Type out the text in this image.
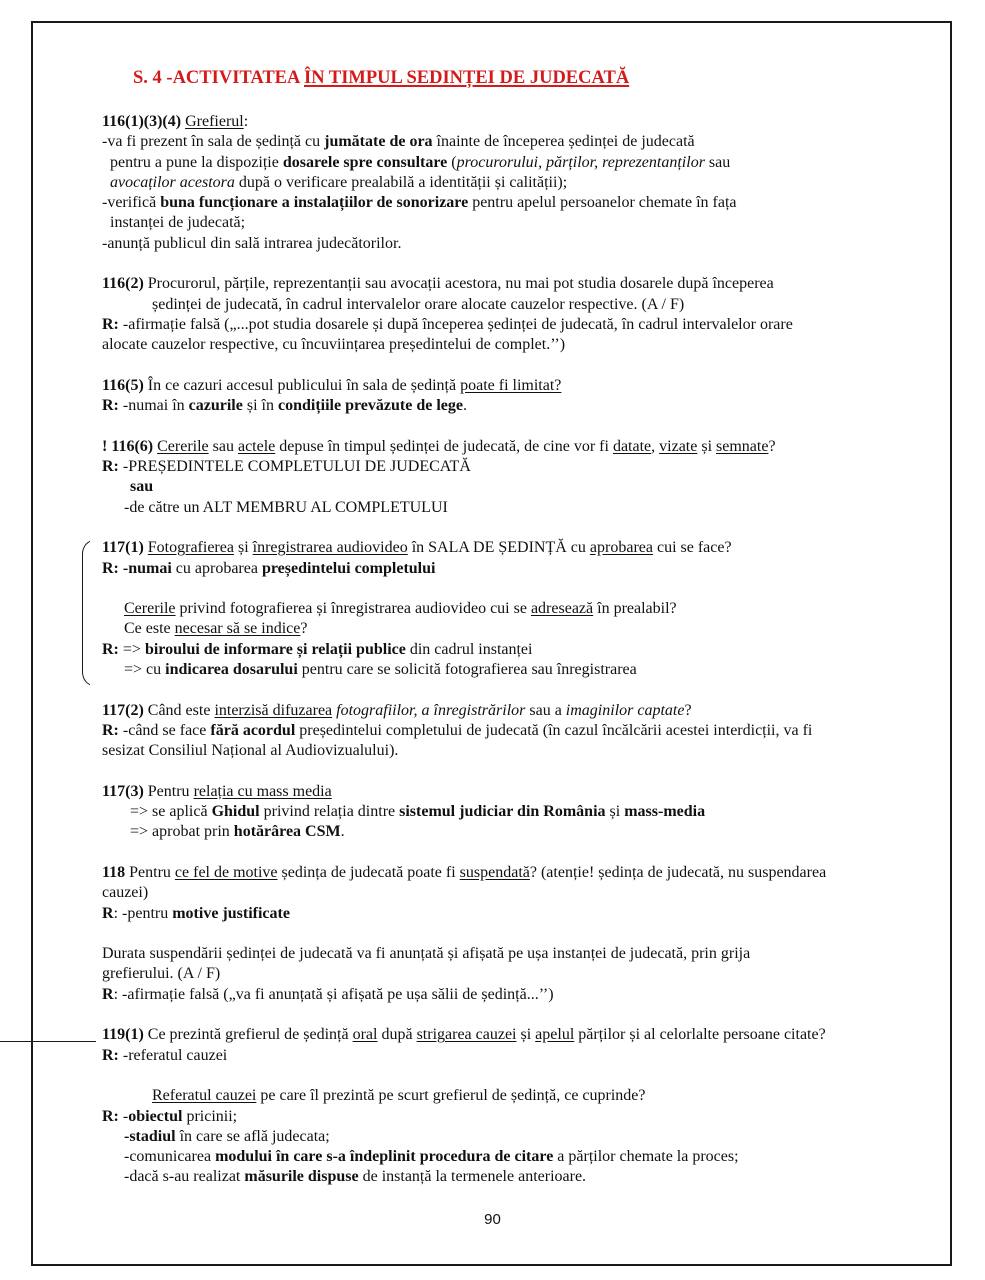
S. 4 -ACTIVITATEA ÎN TIMPUL SEDINȚEI DE JUDECATĂ
116(1)(3)(4) Grefierul:
-va fi prezent în sala de ședință cu jumătate de ora înainte de începerea ședinței de judecată
pentru a pune la dispoziție dosarele spre consultare (procurorului, părților, reprezentanților sau
avocaților acestora după o verificare prealabilă a identității și calității);
-verifică buna funcționare a instalațiilor de sonorizare pentru apelul persoanelor chemate în fața
instanței de judecată;
-anunță publicul din sală intrarea judecătorilor.
116(2) Procurorul, părțile, reprezentanții sau avocații acestora, nu mai pot studia dosarele după începerea
ședinței de judecată, în cadrul intervalelor orare alocate cauzelor respective. (A / F)
R: -afirmație falsă („...pot studia dosarele și după începerea ședinței de judecată, în cadrul intervalelor orare
alocate cauzelor respective, cu încuviințarea președintelui de complet.’’)
116(5) În ce cazuri accesul publicului în sala de ședință poate fi limitat?
R: -numai în cazurile și în condițiile prevăzute de lege.
! 116(6) Cererile sau actele depuse în timpul ședinței de judecată, de cine vor fi datate, vizate și semnate?
R: -PREȘEDINTELE COMPLETULUI DE JUDECATĂ
sau
-de către un ALT MEMBRU AL COMPLETULUI
117(1) Fotografierea și înregistrarea audiovideo în SALA DE ȘEDINȚĂ cu aprobarea cui se face?
R: -numai cu aprobarea președintelui completului
Cererile privind fotografierea și înregistrarea audiovideo cui se adresează în prealabil?
Ce este necesar să se indice?
R: => biroului de informare și relații publice din cadrul instanței
=> cu indicarea dosarului pentru care se solicită fotografierea sau înregistrarea
117(2) Când este interzisă difuzarea fotografiilor, a înregistrărilor sau a imaginilor captate?
R: -când se face fără acordul președintelui completului de judecată (în cazul încălcării acestei interdicții, va fi
sesizat Consiliul Național al Audiovizualului).
117(3) Pentru relația cu mass media
=> se aplică Ghidul privind relația dintre sistemul judiciar din România și mass-media
=> aprobat prin hotărârea CSM.
118 Pentru ce fel de motive ședința de judecată poate fi suspendată? (atenție! ședința de judecată, nu suspendarea
cauzei)
R: -pentru motive justificate
Durata suspendării ședinței de judecată va fi anunțată și afișată pe ușa instanței de judecată, prin grija
grefierului. (A / F)
R: -afirmație falsă („va fi anunțată și afișată pe ușa sălii de ședință...’’)
119(1) Ce prezintă grefierul de ședință oral după strigarea cauzei și apelul părților și al celorlalte persoane citate?
R: -referatul cauzei
Referatul cauzei pe care îl prezintă pe scurt grefierul de ședință, ce cuprinde?
R: -obiectul pricinii;
-stadiul în care se află judecata;
-comunicarea modului în care s-a îndeplinit procedura de citare a părților chemate la proces;
-dacă s-au realizat măsurile dispuse de instanță la termenele anterioare.
90
